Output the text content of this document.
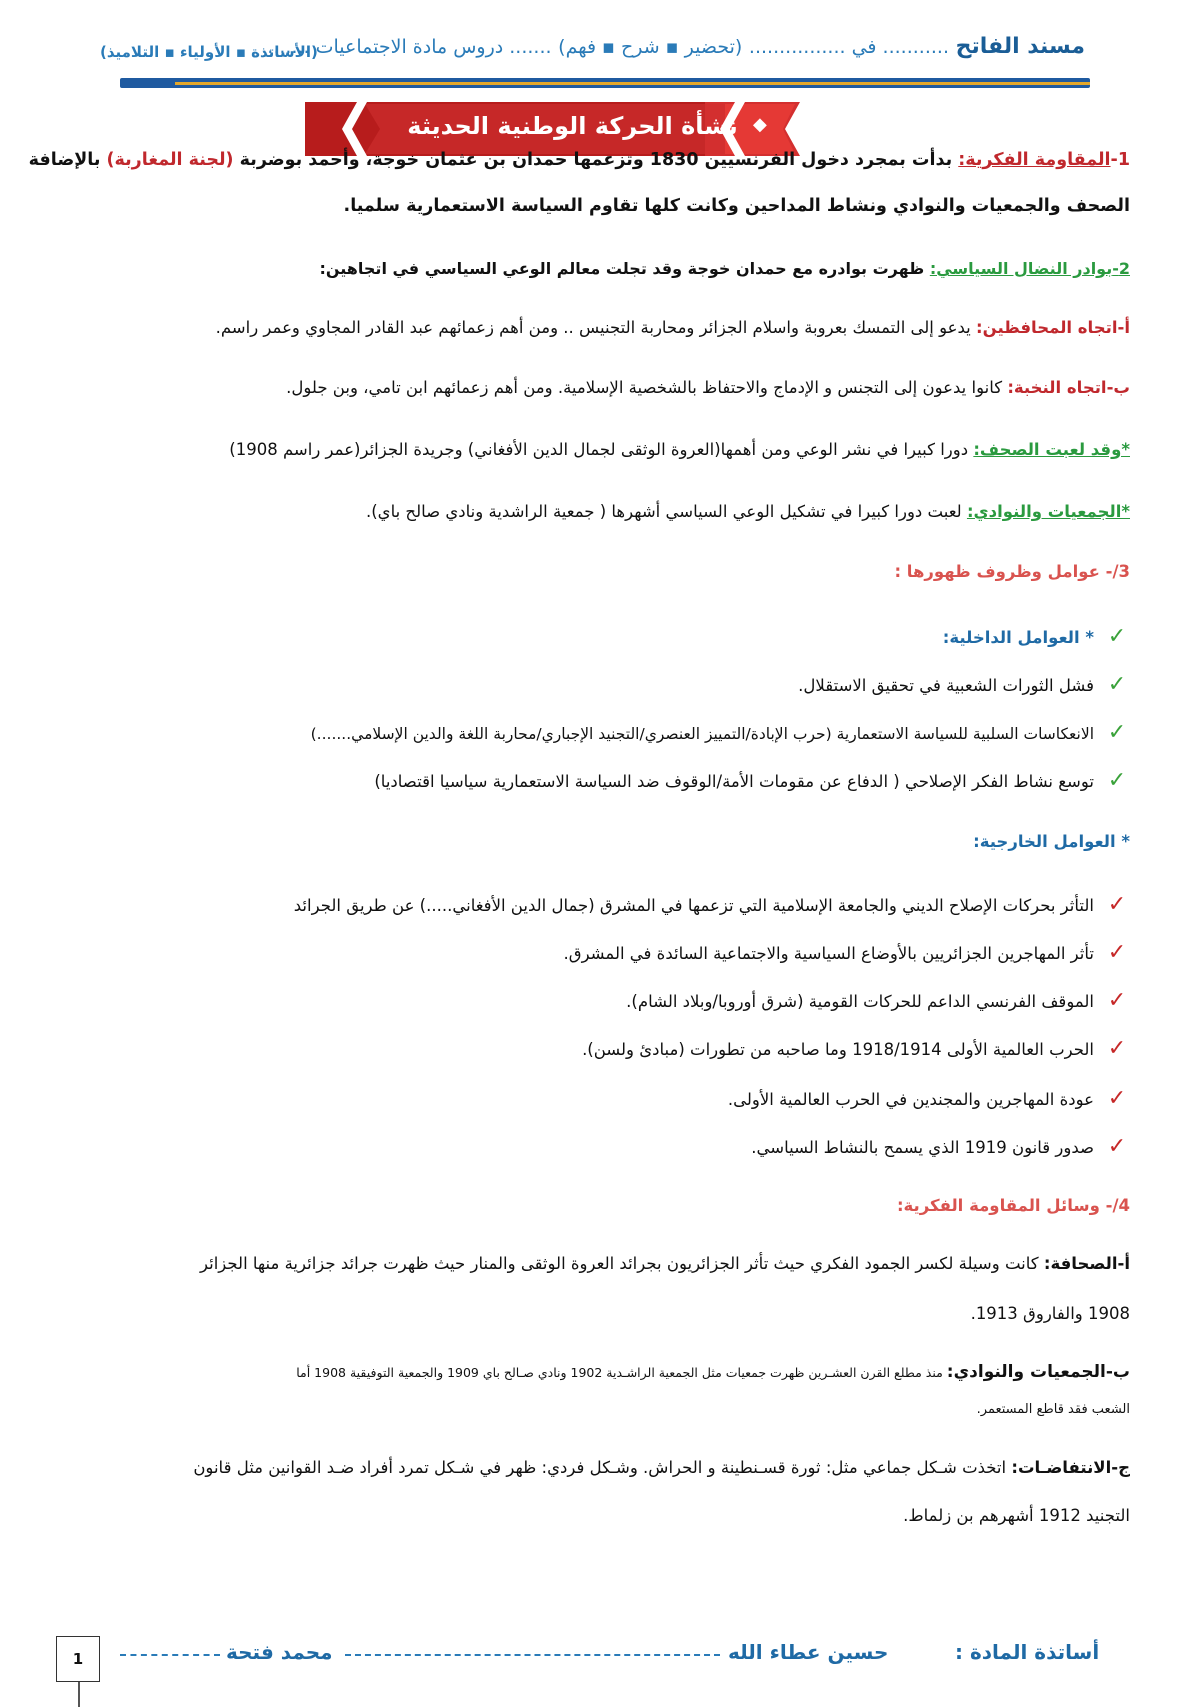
مسند الفاتح ........... في ................ (تحضير ▪ شرح ▪ فهم) ....... دروس مادة الاجتماعيات ........
(الأساتذة ▪ الأولياء ▪ التلاميذ)
◆
نشأة الحركة الوطنية الحديثة
1-المقاومة الفكرية: بدأت بمجرد دخول الفرنسيين 1830 وتزعمها حمدان بن عثمان خوجة، وأحمد بوضربة (لجنة المغاربة) بالإضافة
الصحف والجمعيات والنوادي ونشاط المداحين وكانت كلها تقاوم السياسة الاستعمارية سلميا.
2-بوادر النضال السياسي: ظهرت بوادره مع حمدان خوجة وقد تجلت معالم الوعي السياسي في اتجاهين:
أ-اتجاه المحافظين: يدعو إلى التمسك بعروبة واسلام الجزائر ومحاربة التجنيس .. ومن أهم زعمائهم عبد القادر المجاوي وعمر راسم.
ب-اتجاه النخبة: كانوا يدعون إلى التجنس و الإدماج والاحتفاظ بالشخصية الإسلامية. ومن أهم زعمائهم ابن تامي، وبن جلول.
*وقد لعبت الصحف: دورا كبيرا في نشر الوعي ومن أهمها(العروة الوثقى لجمال الدين الأفغاني) وجريدة الجزائر(عمر راسم 1908)
*الجمعيات والنوادي: لعبت دورا كبيرا في تشكيل الوعي السياسي أشهرها ( جمعية الراشدية ونادي صالح باي).
3/- عوامل وظروف ظهورها :
✓* العوامل الداخلية:
✓فشل الثورات الشعبية في تحقيق الاستقلال.
✓الانعكاسات السلبية للسياسة الاستعمارية (حرب الإبادة/التمييز العنصري/التجنيد الإجباري/محاربة اللغة والدين الإسلامي.......)
✓توسع نشاط الفكر الإصلاحي ( الدفاع عن مقومات الأمة/الوقوف ضد السياسة الاستعمارية سياسيا اقتصاديا)
* العوامل الخارجية:
✓التأثر بحركات الإصلاح الديني والجامعة الإسلامية التي تزعمها في المشرق (جمال الدين الأفغاني.....) عن طريق الجرائد
✓تأثر المهاجرين الجزائريين بالأوضاع السياسية والاجتماعية السائدة في المشرق.
✓الموقف الفرنسي الداعم للحركات القومية (شرق أوروبا/وبلاد الشام).
✓الحرب العالمية الأولى 1918/1914 وما صاحبه من تطورات (مبادئ ولسن).
✓عودة المهاجرين والمجندين في الحرب العالمية الأولى.
✓صدور قانون 1919 الذي يسمح بالنشاط السياسي.
4/- وسائل المقاومة الفكرية:
أ-الصحافة: كانت وسيلة لكسر الجمود الفكري حيث تأثر الجزائريون بجرائد العروة الوثقى والمنار حيث ظهرت جرائد جزائرية منها الجزائر
1908 والفاروق 1913.
ب-الجمعيات والنوادي: منذ مطلع القرن العشـرين ظهرت جمعيات مثل الجمعية الراشـدية 1902 ونادي صـالح باي 1909 والجمعية التوفيقية 1908 أما
الشعب فقد قاطع المستعمر.
ج-الانتفاضـات: اتخذت شـكل جماعي مثل: ثورة قسـنطينة و الحراش. وشـكل فردي: ظهر في شـكل تمرد أفراد ضـد القوانين مثل قانون
التجنيد 1912 أشهرهم بن زلماط.
1	محمد فتحة	حسين عطاء الله	أساتذة المادة :
